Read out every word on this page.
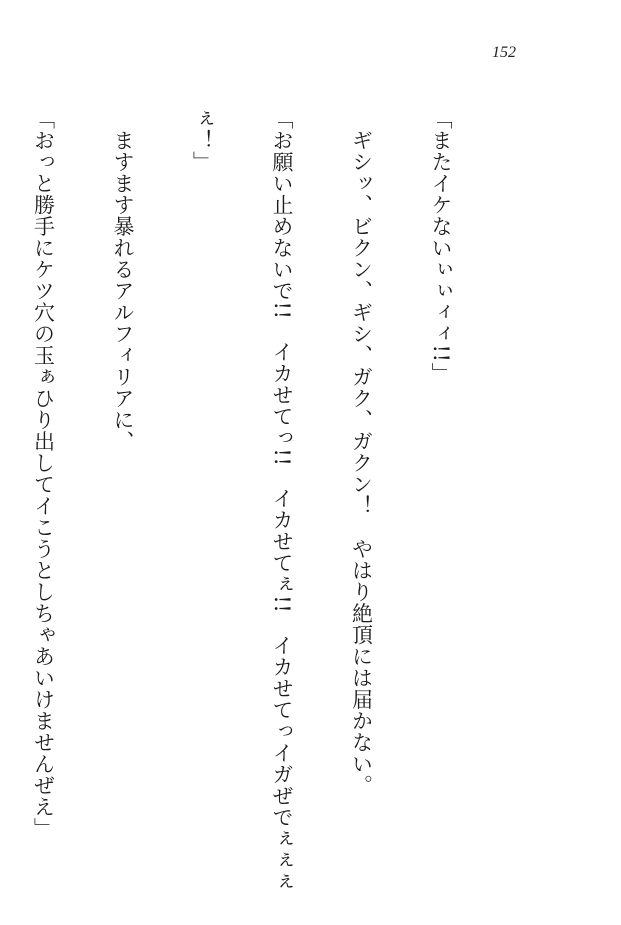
152

「またイケないぃぃィィ!!」

　ギシッ、ビクン、ギシ、ガク、ガクン！　やはり絶頂には届かない。

「お願い止めないで!!　イカせてっ!!　イカせてぇ!!　イカせてっイガぜでぇぇぇ

ぇ！」

　ますます暴れるアルフィリアに、

「おっと勝手にケツ穴の玉ぁひり出してイこうとしちゃあいけませんぜえ」
